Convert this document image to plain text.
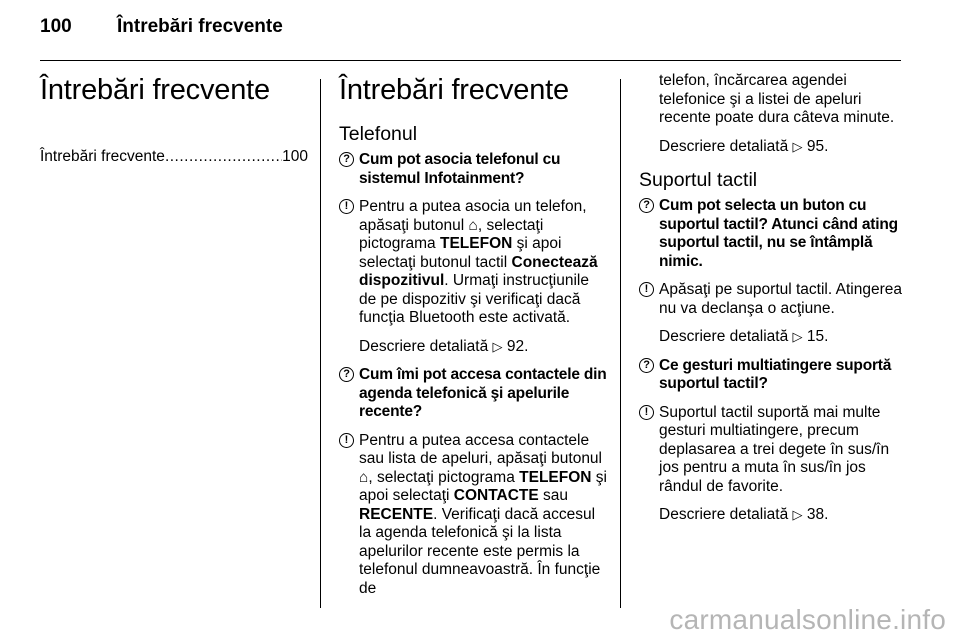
100	Întrebări frecvente
Întrebări frecvente
Întrebări frecvente
.....	100
Întrebări frecvente
Telefonul
? Cum pot asocia telefonul cu sistemul Infotainment?
! Pentru a putea asocia un telefon, apăsaţi butonul ⌂, selectaţi pictograma TELEFON şi apoi selectaţi butonul tactil Conectează dispozitivul. Urmaţi instrucţiunile de pe dispozitiv şi verificaţi dacă funcţia Bluetooth este activată.
Descriere detaliată ▷ 92.
? Cum îmi pot accesa contactele din agenda telefonică şi apelurile recente?
! Pentru a putea accesa contactele sau lista de apeluri, apăsaţi butonul ⌂, selectaţi pictograma TELEFON şi apoi selectaţi CONTACTE sau RECENTE. Verificaţi dacă accesul la agenda telefonică şi la lista apelurilor recente este permis la telefonul dumneavoastră. În funcţie de
telefon, încărcarea agendei telefonice şi a listei de apeluri recente poate dura câteva minute.
Descriere detaliată ▷ 95.
Suportul tactil
? Cum pot selecta un buton cu suportul tactil? Atunci când ating suportul tactil, nu se întâmplă nimic.
! Apăsaţi pe suportul tactil. Atingerea nu va declanşa o acţiune.
Descriere detaliată ▷ 15.
? Ce gesturi multiatingere suportă suportul tactil?
! Suportul tactil suportă mai multe gesturi multiatingere, precum deplasarea a trei degete în sus/în jos pentru a muta în sus/în jos rândul de favorite.
Descriere detaliată ▷ 38.
carmanualsonline.info
